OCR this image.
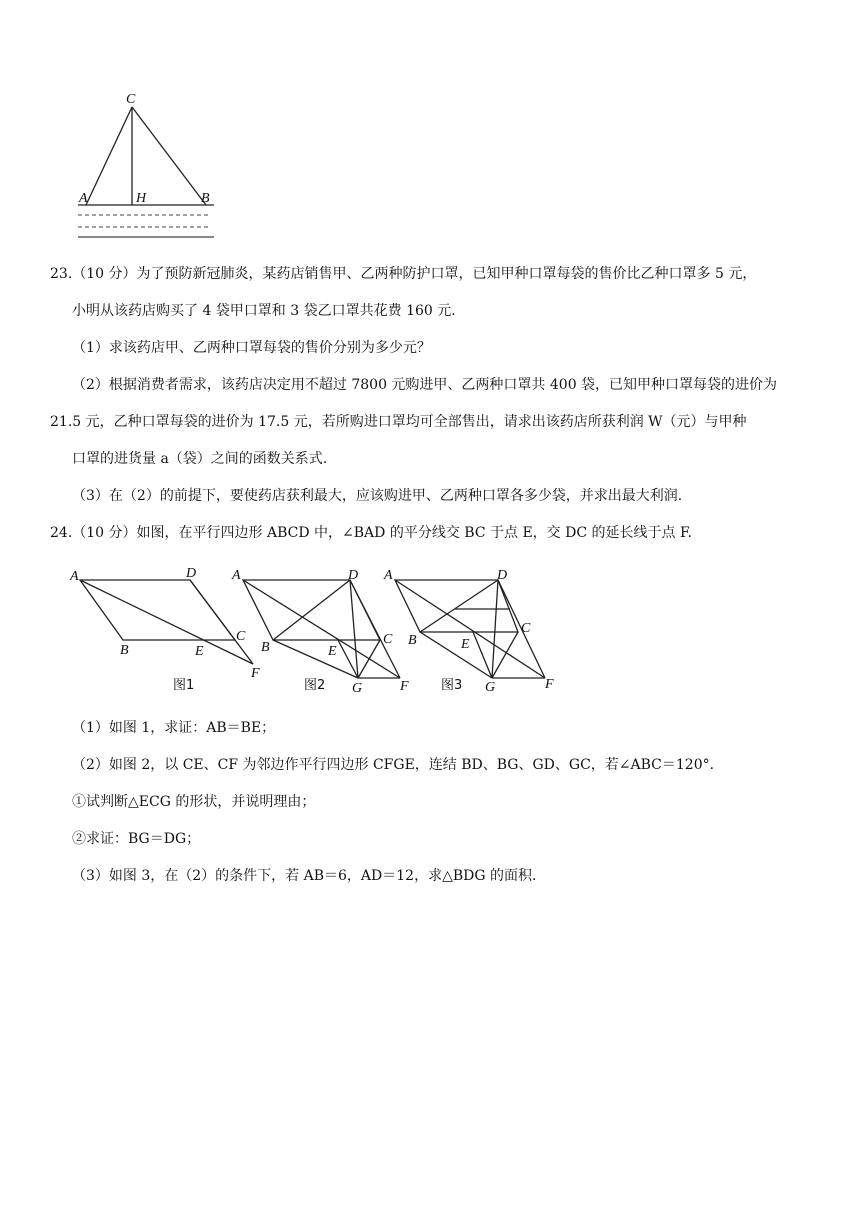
C
A	H	B
23.（10 分）为了预防新冠肺炎，某药店销售甲、乙两种防护口罩，已知甲种口罩每袋的售价比乙种口罩多 5 元，
小明从该药店购买了 4 袋甲口罩和 3 袋乙口罩共花费 160 元.
（1）求该药店甲、乙两种口罩每袋的售价分别为多少元？
（2）根据消费者需求，该药店决定用不超过 7800 元购进甲、乙两种口罩共 400 袋，已知甲种口罩每袋的进价为
21.5 元，乙种口罩每袋的进价为 17.5 元，若所购进口罩均可全部售出，请求出该药店所获利润 W（元）与甲种
口罩的进货量 a（袋）之间的函数关系式.
（3）在（2）的前提下，要使药店获利最大，应该购进甲、乙两种口罩各多少袋，并求出最大利润.
24.（10 分）如图，在平行四边形 ABCD 中，∠BAD 的平分线交 BC 于点 E，交 DC 的延长线于点 F.
A	D
B
C
E
F
图1
A	D
B
C
E
F
G
图2
A	D
B
C
E
F
G
图3
（1）如图 1，求证：AB＝BE；
（2）如图 2，以 CE、CF 为邻边作平行四边形 CFGE，连结 BD、BG、GD、GC，若∠ABC＝120°．
①试判断△ECG 的形状，并说明理由；
②求证：BG＝DG；
（3）如图 3，在（2）的条件下，若 AB＝6，AD＝12，求△BDG 的面积.
